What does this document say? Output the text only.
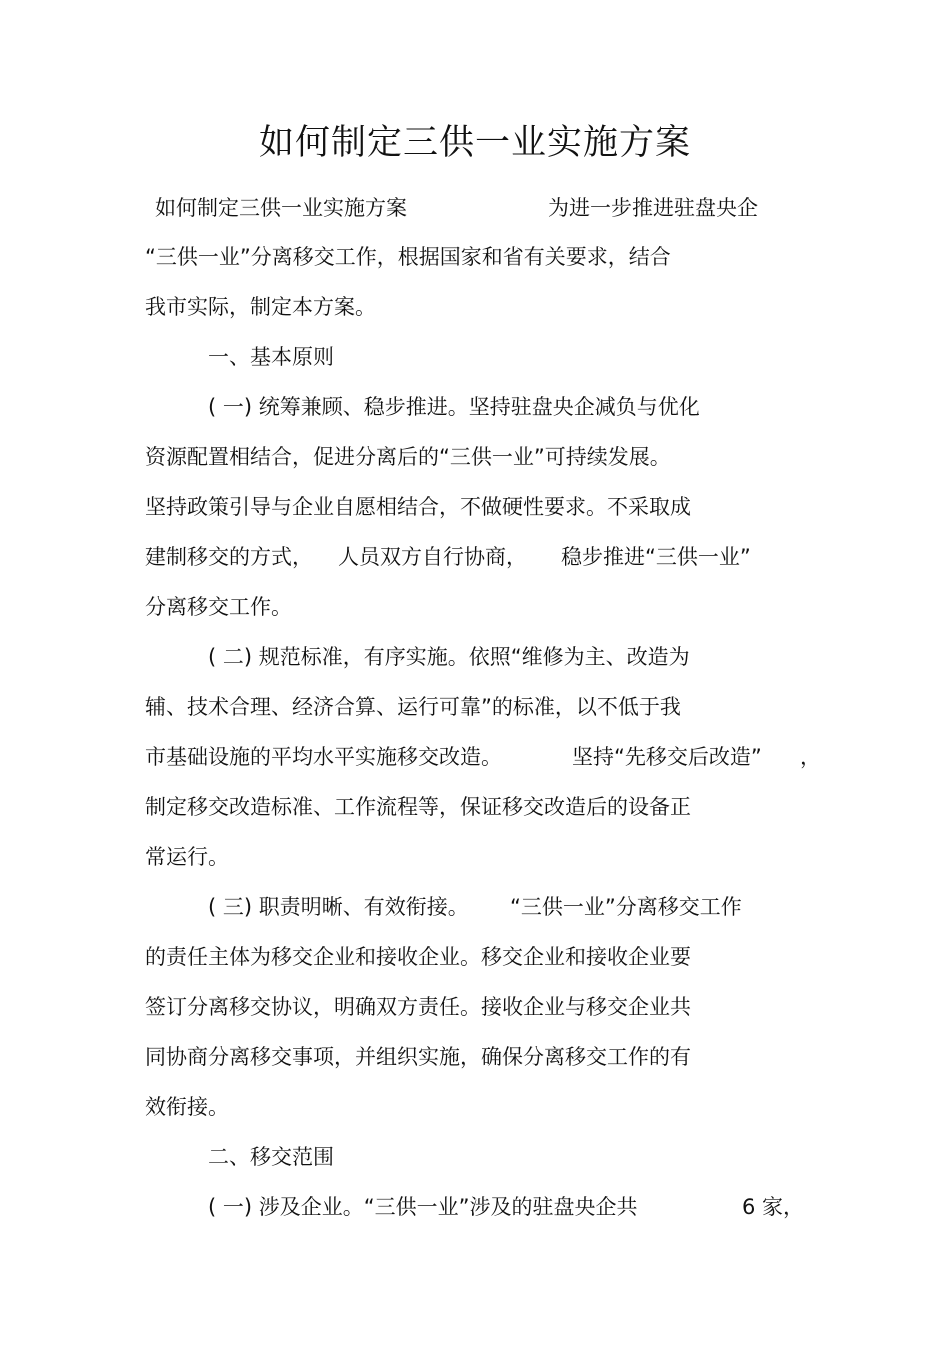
如何制定三供一业实施方案
如何制定三供一业实施方案	为进一步推进驻盘央企
“三供一业”分离移交工作，根据国家和省有关要求，结合
我市实际，制定本方案。
一、基本原则
( 一) 统筹兼顾、稳步推进。坚持驻盘央企减负与优化
资源配置相结合，促进分离后的“三供一业”可持续发展。
坚持政策引导与企业自愿相结合，不做硬性要求。不采取成
建制移交的方式， 人员双方自行协商， 稳步推进“三供一业”
分离移交工作。
( 二) 规范标准，有序实施。依照“维修为主、改造为
辅、技术合理、经济合算、运行可靠”的标准，以不低于我
市基础设施的平均水平实施移交改造。	坚持“先移交后改造” ，
制定移交改造标准、工作流程等，保证移交改造后的设备正
常运行。
( 三) 职责明晰、有效衔接。 “三供一业”分离移交工作
的责任主体为移交企业和接收企业。移交企业和接收企业要
签订分离移交协议，明确双方责任。接收企业与移交企业共
同协商分离移交事项，并组织实施，确保分离移交工作的有
效衔接。
二、移交范围
( 一) 涉及企业。“三供一业”涉及的驻盘央企共	6 家，
